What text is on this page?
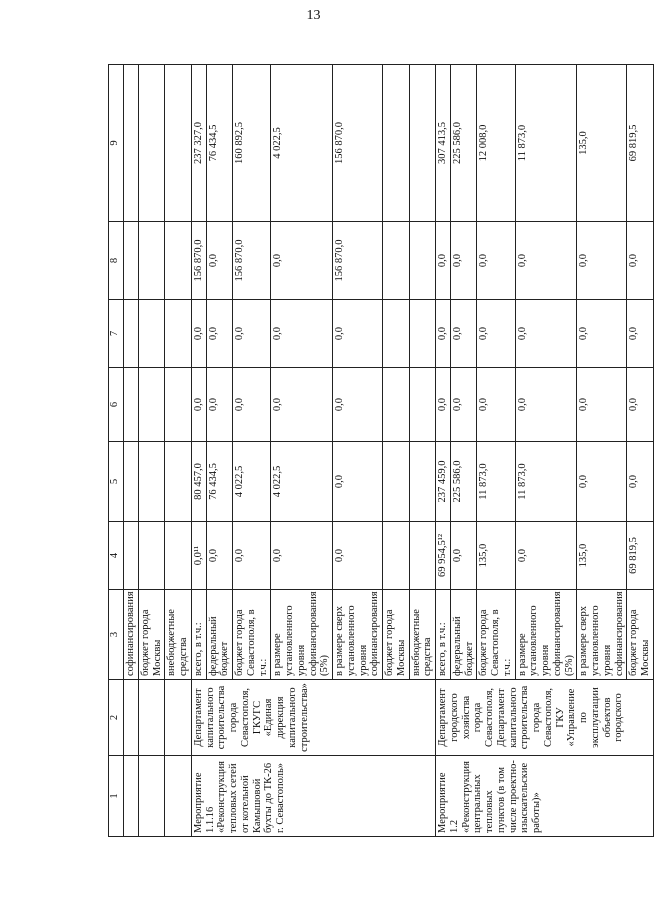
13
1	2	3	4	5	6	7	8	9
		софинансирования						
		бюджет города Москвы						
		внебюджетные средства						
Мероприятие 1.1.16 «Реконструкция тепловых сетей от котельной Камышовой бухты до ТК-26 г. Севастополь»	Департамент капитального строительства города Севастополя, ГКУГС «Единая дирекция капитального строительства»	всего, в т.ч.:	0,0¹¹	80 457,0	0,0	0,0	156 870,0	237 327,0
		федеральный бюджет	0,0	76 434,5	0,0	0,0	0,0	76 434,5
		бюджет города Севастополя, в т.ч.:	0,0	4 022,5	0,0	0,0	156 870,0	160 892,5
		в размере установленного уровня софинансирования (5%)	0,0	4 022,5	0,0	0,0	0,0	4 022,5
		в размере сверх установленного уровня софинансирования	0,0	0,0	0,0	0,0	156 870,0	156 870,0
		бюджет города Москвы						
		внебюджетные средства						
Мероприятие 1.2 «Реконструкция центральных тепловых пунктов (в том числе проектно-изыскательские работы)»	Департамент городского хозяйства города Севастополя, Департамент капитального строительства города Севастополя, ГКУ «Управление по эксплуатации объектов городского	всего, в т.ч.:	69 954,5¹²	237 459,0	0,0	0,0	0,0	307 413,5
		федеральный бюджет	0,0	225 586,0	0,0	0,0	0,0	225 586,0
		бюджет города Севастополя, в т.ч.:	135,0	11 873,0	0,0	0,0	0,0	12 008,0
		в размере установленного уровня софинансирования (5%)	0,0	11 873,0	0,0	0,0	0,0	11 873,0
		в размере сверх установленного уровня софинансирования	135,0	0,0	0,0	0,0	0,0	135,0
		бюджет города Москвы	69 819,5	0,0	0,0	0,0	0,0	69 819,5
